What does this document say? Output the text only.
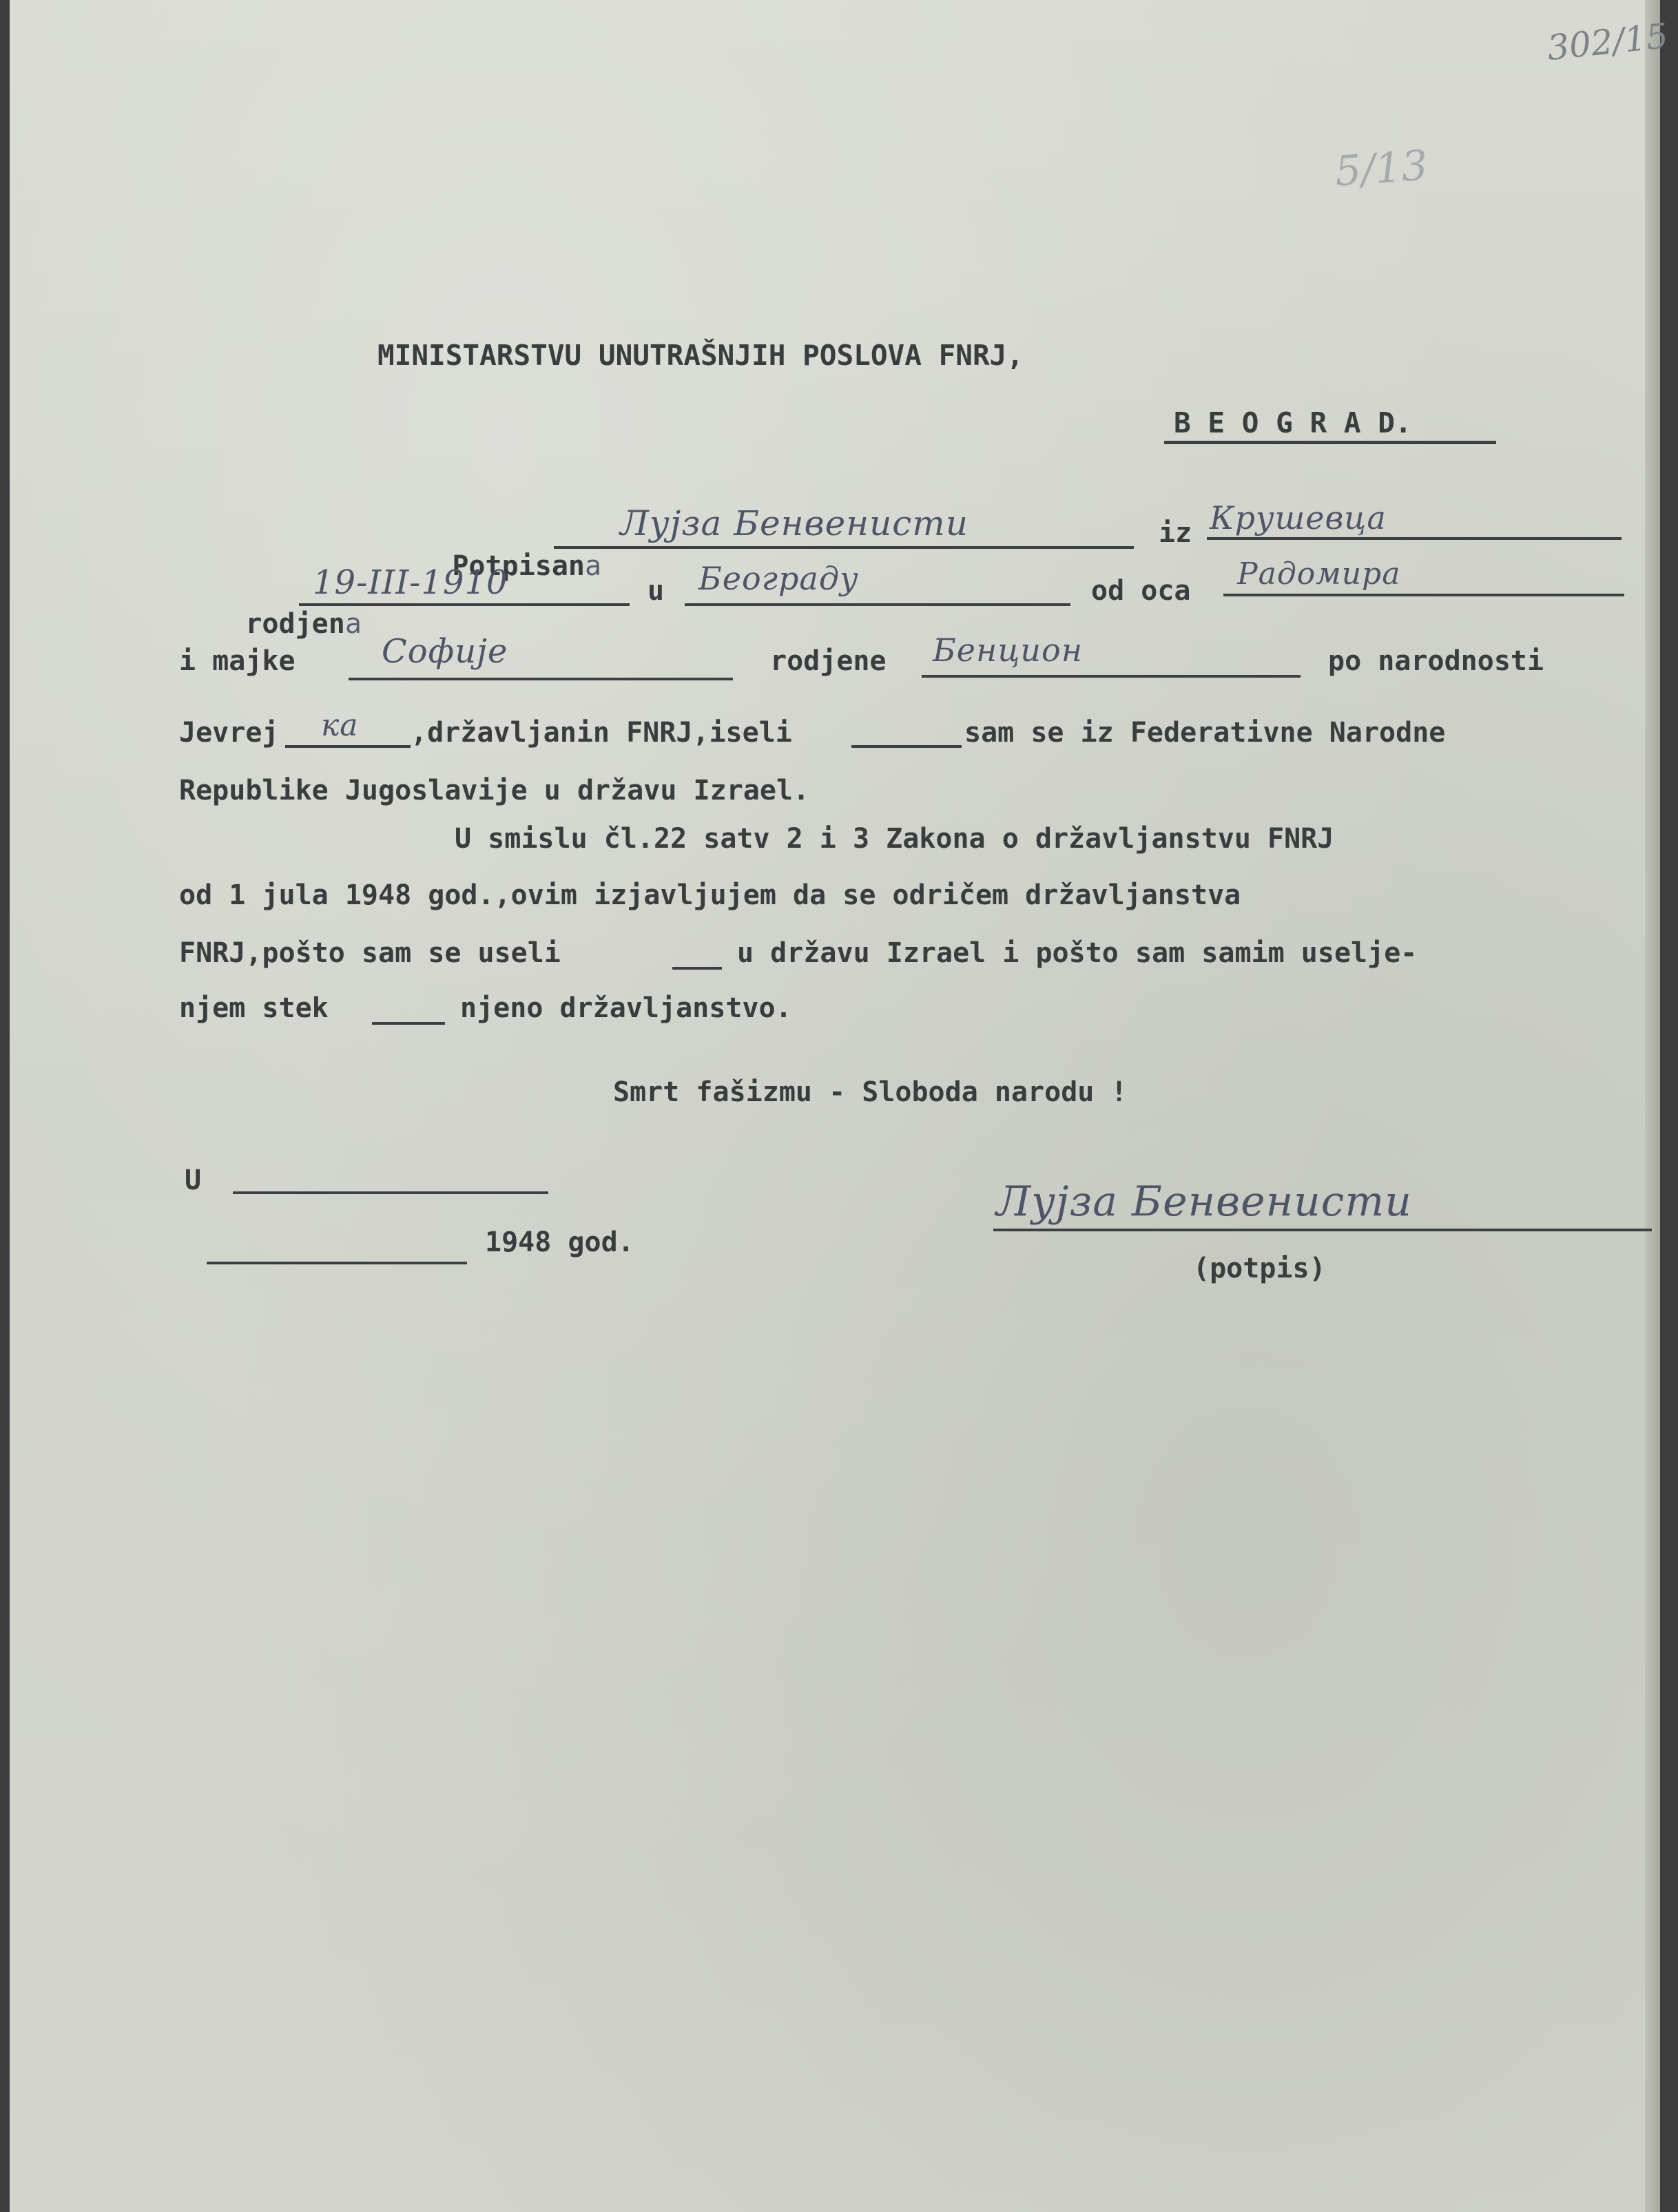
302/15
5/13
MINISTARSTVU UNUTRAŠNJIH POSLOVA FNRJ,
B E O G R A D.

Potpisana

Лујза Бенвенисти	iz Крушевца

rodjena

19-III-1910	u Београду	od oca Радомира
i majke	Софије	rodjene Бенцион	po narodnosti
Jevrej ка ,državljanin FNRJ,iseli	sam se iz Federativne Narodne
Republike Jugoslavije u državu Izrael.
U smislu čl.22 satv 2 i 3 Zakona o državljanstvu FNRJ
od 1 jula 1948 god.,ovim izjavljujem da se odričem državljanstva
FNRJ,pošto sam se useli	u državu Izrael i pošto sam samim uselje-
njem stek	njeno državljanstvo.
Smrt fašizmu - Sloboda narodu !
U
1948 god.
Лујза Бенвенисти
(potpis)
